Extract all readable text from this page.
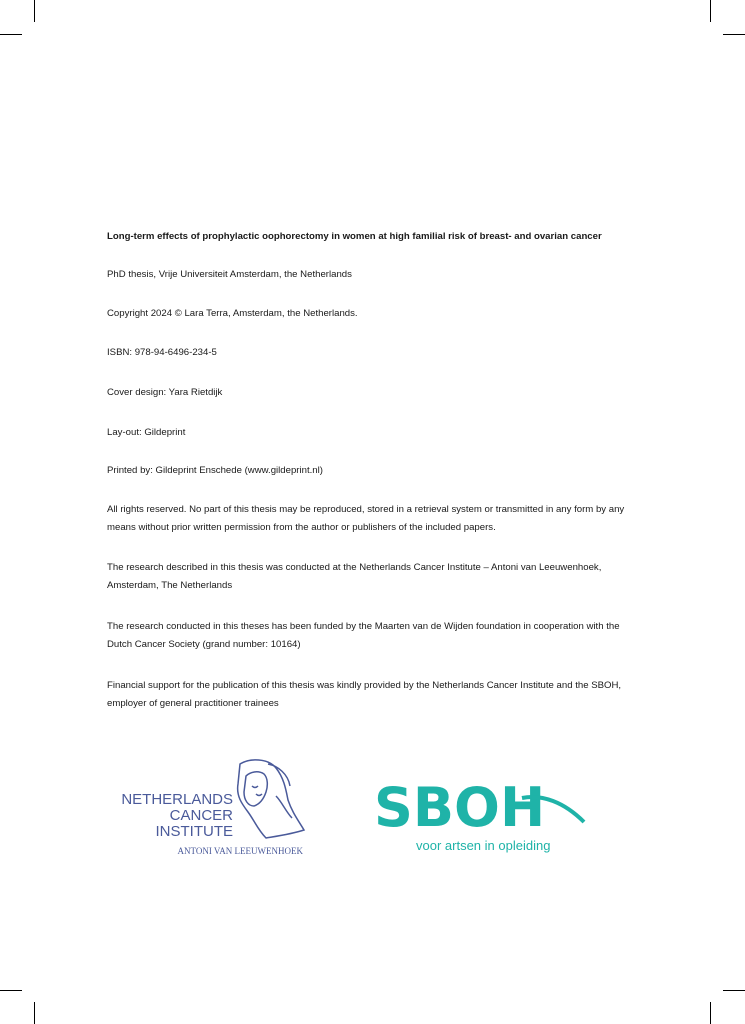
Long-term effects of prophylactic oophorectomy in women at high familial risk of breast- and ovarian cancer

PhD thesis, Vrije Universiteit Amsterdam, the Netherlands

Copyright 2024 © Lara Terra, Amsterdam, the Netherlands.

ISBN: 978-94-6496-234-5

Cover design: Yara Rietdijk

Lay-out: Gildeprint

Printed by: Gildeprint Enschede (www.gildeprint.nl)

All rights reserved. No part of this thesis may be reproduced, stored in a retrieval system or transmitted in any form by any means without prior written permission from the author or publishers of the included papers.

The research described in this thesis was conducted at the Netherlands Cancer Institute – Antoni van Leeuwenhoek, Amsterdam, The Netherlands

The research conducted in this theses has been funded by the Maarten van de Wijden foundation in cooperation with the Dutch Cancer Society (grand number: 10164)

Financial support for the publication of this thesis was kindly provided by the Netherlands Cancer Institute and the SBOH, employer of general practitioner trainees

NETHERLANDS
CANCER
INSTITUTE
ANTONI VAN LEEUWENHOEK
SBOH
voor artsen in opleiding
